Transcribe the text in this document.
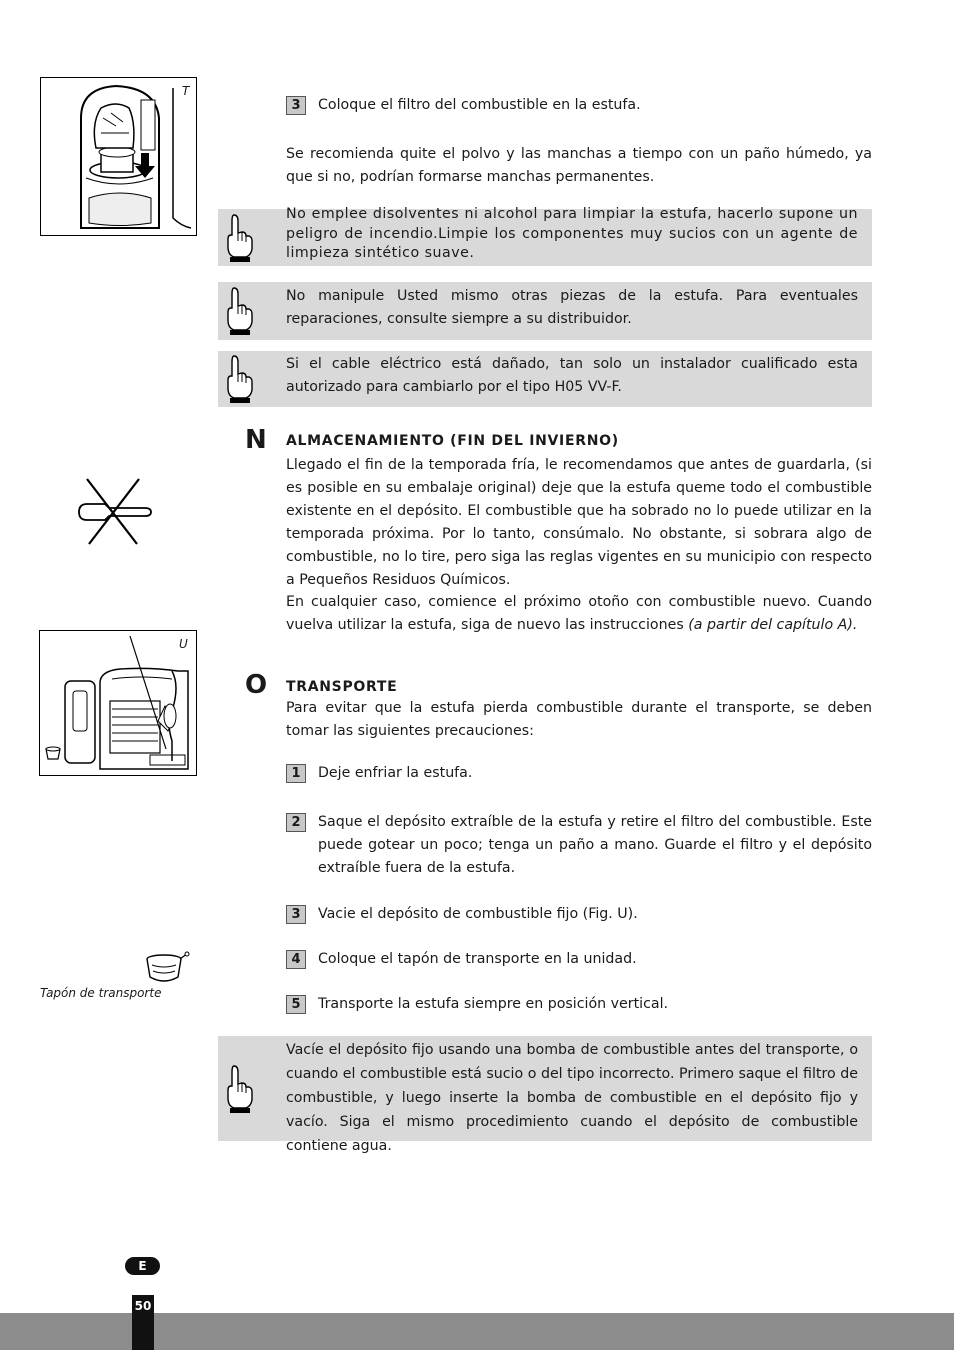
T
3	Coloque el filtro del combustible en la estufa.
Se recomienda quite el polvo y las manchas a tiempo con un paño húmedo, ya que si no, podrían formarse manchas permanentes.
No emplee disolventes ni alcohol para limpiar la estufa, hacerlo supone un peligro de incendio.Limpie los componentes muy sucios con un agente de limpieza sintético suave.
No manipule Usted mismo otras piezas de la estufa. Para eventuales reparaciones, consulte siempre a su distribuidor.
Si el cable eléctrico está dañado, tan solo un instalador cualificado esta autorizado para cambiarlo por el tipo H05 VV-F.
N ALMACENAMIENTO (FIN DEL INVIERNO)
Llegado el fin de la temporada fría, le recomendamos que antes de guardarla, (si es posible en su embalaje original) deje que la estufa queme todo el combustible existente en el depósito. El combustible que ha sobrado no lo puede utilizar en la temporada próxima. Por lo tanto, consúmalo. No obstante, si sobrara algo de combustible, no lo tire, pero siga las reglas vigentes en su municipio con respecto a Pequeños Residuos Químicos.
En cualquier caso, comience el próximo otoño con combustible nuevo. Cuando vuelva utilizar la estufa, siga de nuevo las instrucciones (a partir del capítulo A).
U
O TRANSPORTE
Para evitar que la estufa pierda combustible durante el transporte, se deben tomar las siguientes precauciones:
1	Deje enfriar la estufa.
2	Saque el depósito extraíble de la estufa y retire el filtro del combustible. Este puede gotear un poco; tenga un paño a mano. Guarde el filtro y el depósito extraíble fuera de la estufa.
3	Vacie el depósito de combustible fijo (Fig. U).
4	Coloque el tapón de transporte en la unidad.
5	Transporte la estufa siempre en posición vertical.
Tapón de transporte
Vacíe el depósito fijo usando una bomba de combustible antes del transporte, o cuando el combustible está sucio o del tipo incorrecto. Primero saque el filtro de combustible, y luego inserte la bomba de combustible en el depósito fijo y vacío. Siga el mismo procedimiento cuando el depósito de combustible contiene agua.
E
50
